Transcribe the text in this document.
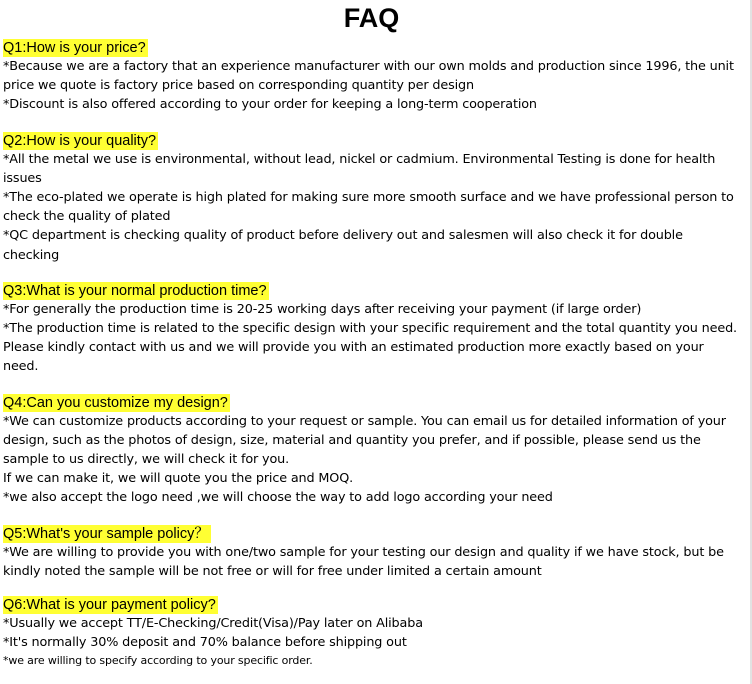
FAQ
Q1:How is your price?

*Because we are a factory that an experience manufacturer with our own molds and production since 1996, the unit price we quote is factory price based on corresponding quantity per design

*Discount is also offered according to your order for keeping a long-term cooperation

Q2:How is your quality?

*All the metal we use is environmental, without lead, nickel or cadmium. Environmental Testing is done for health issues

*The eco-plated we operate is high plated for making sure more smooth surface and we have professional person to check the quality of plated

*QC department is checking quality of product before delivery out and salesmen will also check it for double checking

Q3:What is your normal production time?

*For generally the production time is 20-25 working days after receiving your payment (if large order)

*The production time is related to the specific design with your specific requirement and the total quantity you need. Please kindly contact with us and we will provide you with an estimated production more exactly based on your need.

Q4:Can you customize my design?

*We can customize products according to your request or sample. You can email us for detailed information of your design, such as the photos of design, size, material and quantity you prefer, and if possible, please send us the sample to us directly, we will check it for you.

If we can make it, we will quote you the price and MOQ.

*we also accept the logo need ,we will choose the way to add logo according your need

Q5:What's your sample policy？

*We are willing to provide you with one/two sample for your testing our design and quality if we have stock, but be kindly noted the sample will be not free or will for free under limited a certain amount

Q6:What is your payment policy?

*Usually we accept TT/E-Checking/Credit(Visa)/Pay later on Alibaba

*It's normally 30% deposit and 70% balance before shipping out

*we are willing to specify according to your specific order.
